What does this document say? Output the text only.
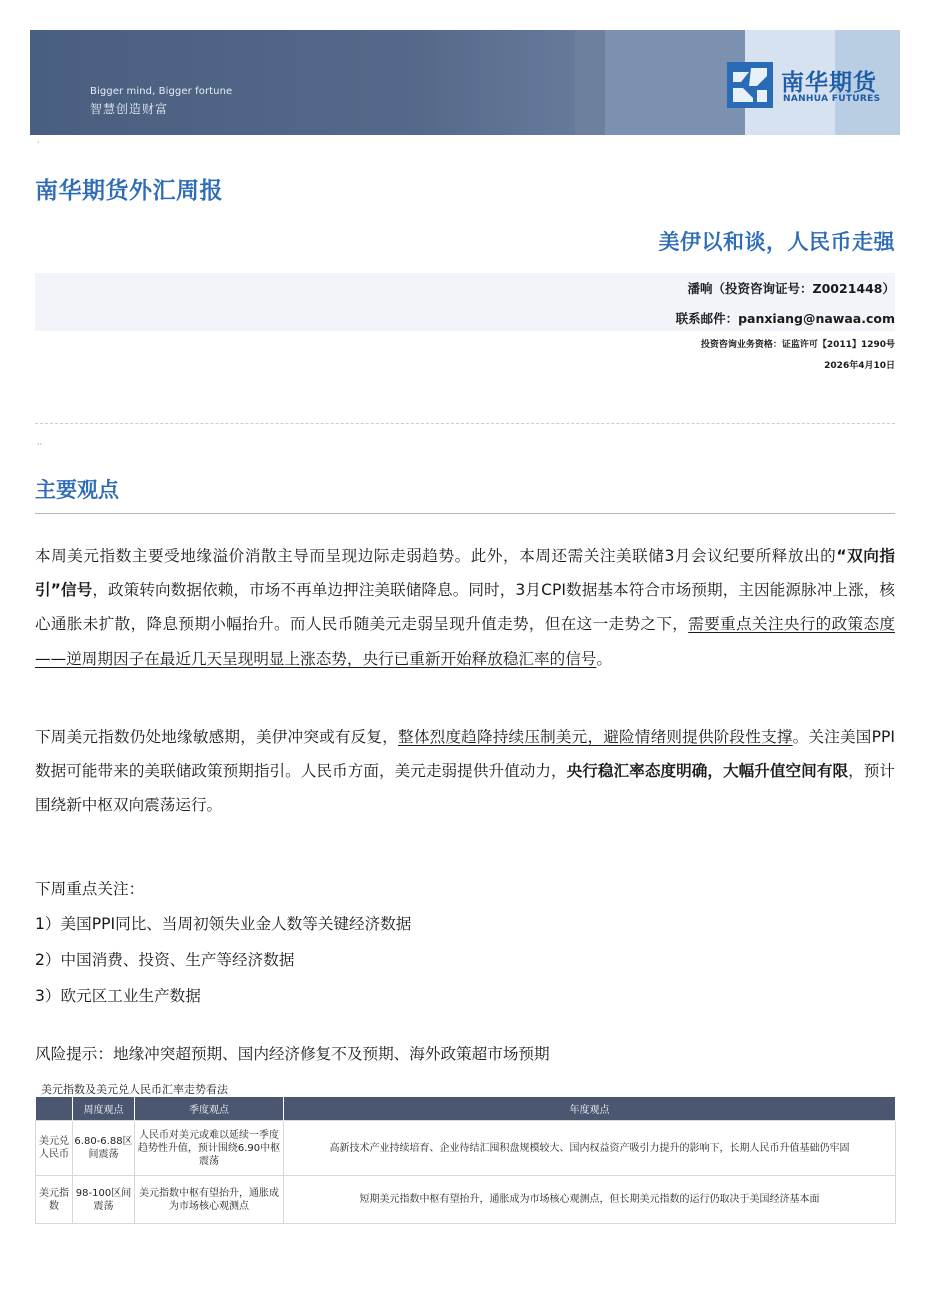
Bigger mind, Bigger fortune
智慧创造财富
南华期货
NANHUA FUTURES
·
南华期货外汇周报
美伊以和谈，人民币走强
潘响（投资咨询证号：Z0021448）
联系邮件：panxiang@nawaa.com
投资咨询业务资格：证监许可【2011】1290号
2026年4月10日
··
主要观点

本周美元指数主要受地缘溢价消散主导而呈现边际走弱趋势。此外，本周还需关注美联储3月会议纪要所释放出的“双向指引”信号，政策转向数据依赖，市场不再单边押注美联储降息。同时，3月CPI数据基本符合市场预期，主因能源脉冲上涨，核心通胀未扩散，降息预期小幅抬升。而人民币随美元走弱呈现升值走势，但在这一走势之下，需要重点关注央行的政策态度——逆周期因子在最近几天呈现明显上涨态势，央行已重新开始释放稳汇率的信号。

下周美元指数仍处地缘敏感期，美伊冲突或有反复，整体烈度趋降持续压制美元，避险情绪则提供阶段性支撑。关注美国PPI数据可能带来的美联储政策预期指引。人民币方面，美元走弱提供升值动力，央行稳汇率态度明确，大幅升值空间有限，预计围绕新中枢双向震荡运行。

下周重点关注：
1）美国PPI同比、当周初领失业金人数等关键经济数据
2）中国消费、投资、生产等经济数据
3）欧元区工业生产数据
风险提示：地缘冲突超预期、国内经济修复不及预期、海外政策超市场预期
美元指数及美元兑人民币汇率走势看法
	周度观点	季度观点	年度观点
美元兑人民币	6.80-6.88区间震荡	人民币对美元或难以延续一季度趋势性升值，预计围绕6.90中枢震荡	高新技术产业持续培育、企业待结汇囤积盘规模较大、国内权益资产吸引力提升的影响下，长期人民币升值基础仍牢固
美元指数	98-100区间震荡	美元指数中枢有望抬升，通胀成为市场核心观测点	短期美元指数中枢有望抬升，通胀成为市场核心观测点，但长期美元指数的运行仍取决于美国经济基本面
